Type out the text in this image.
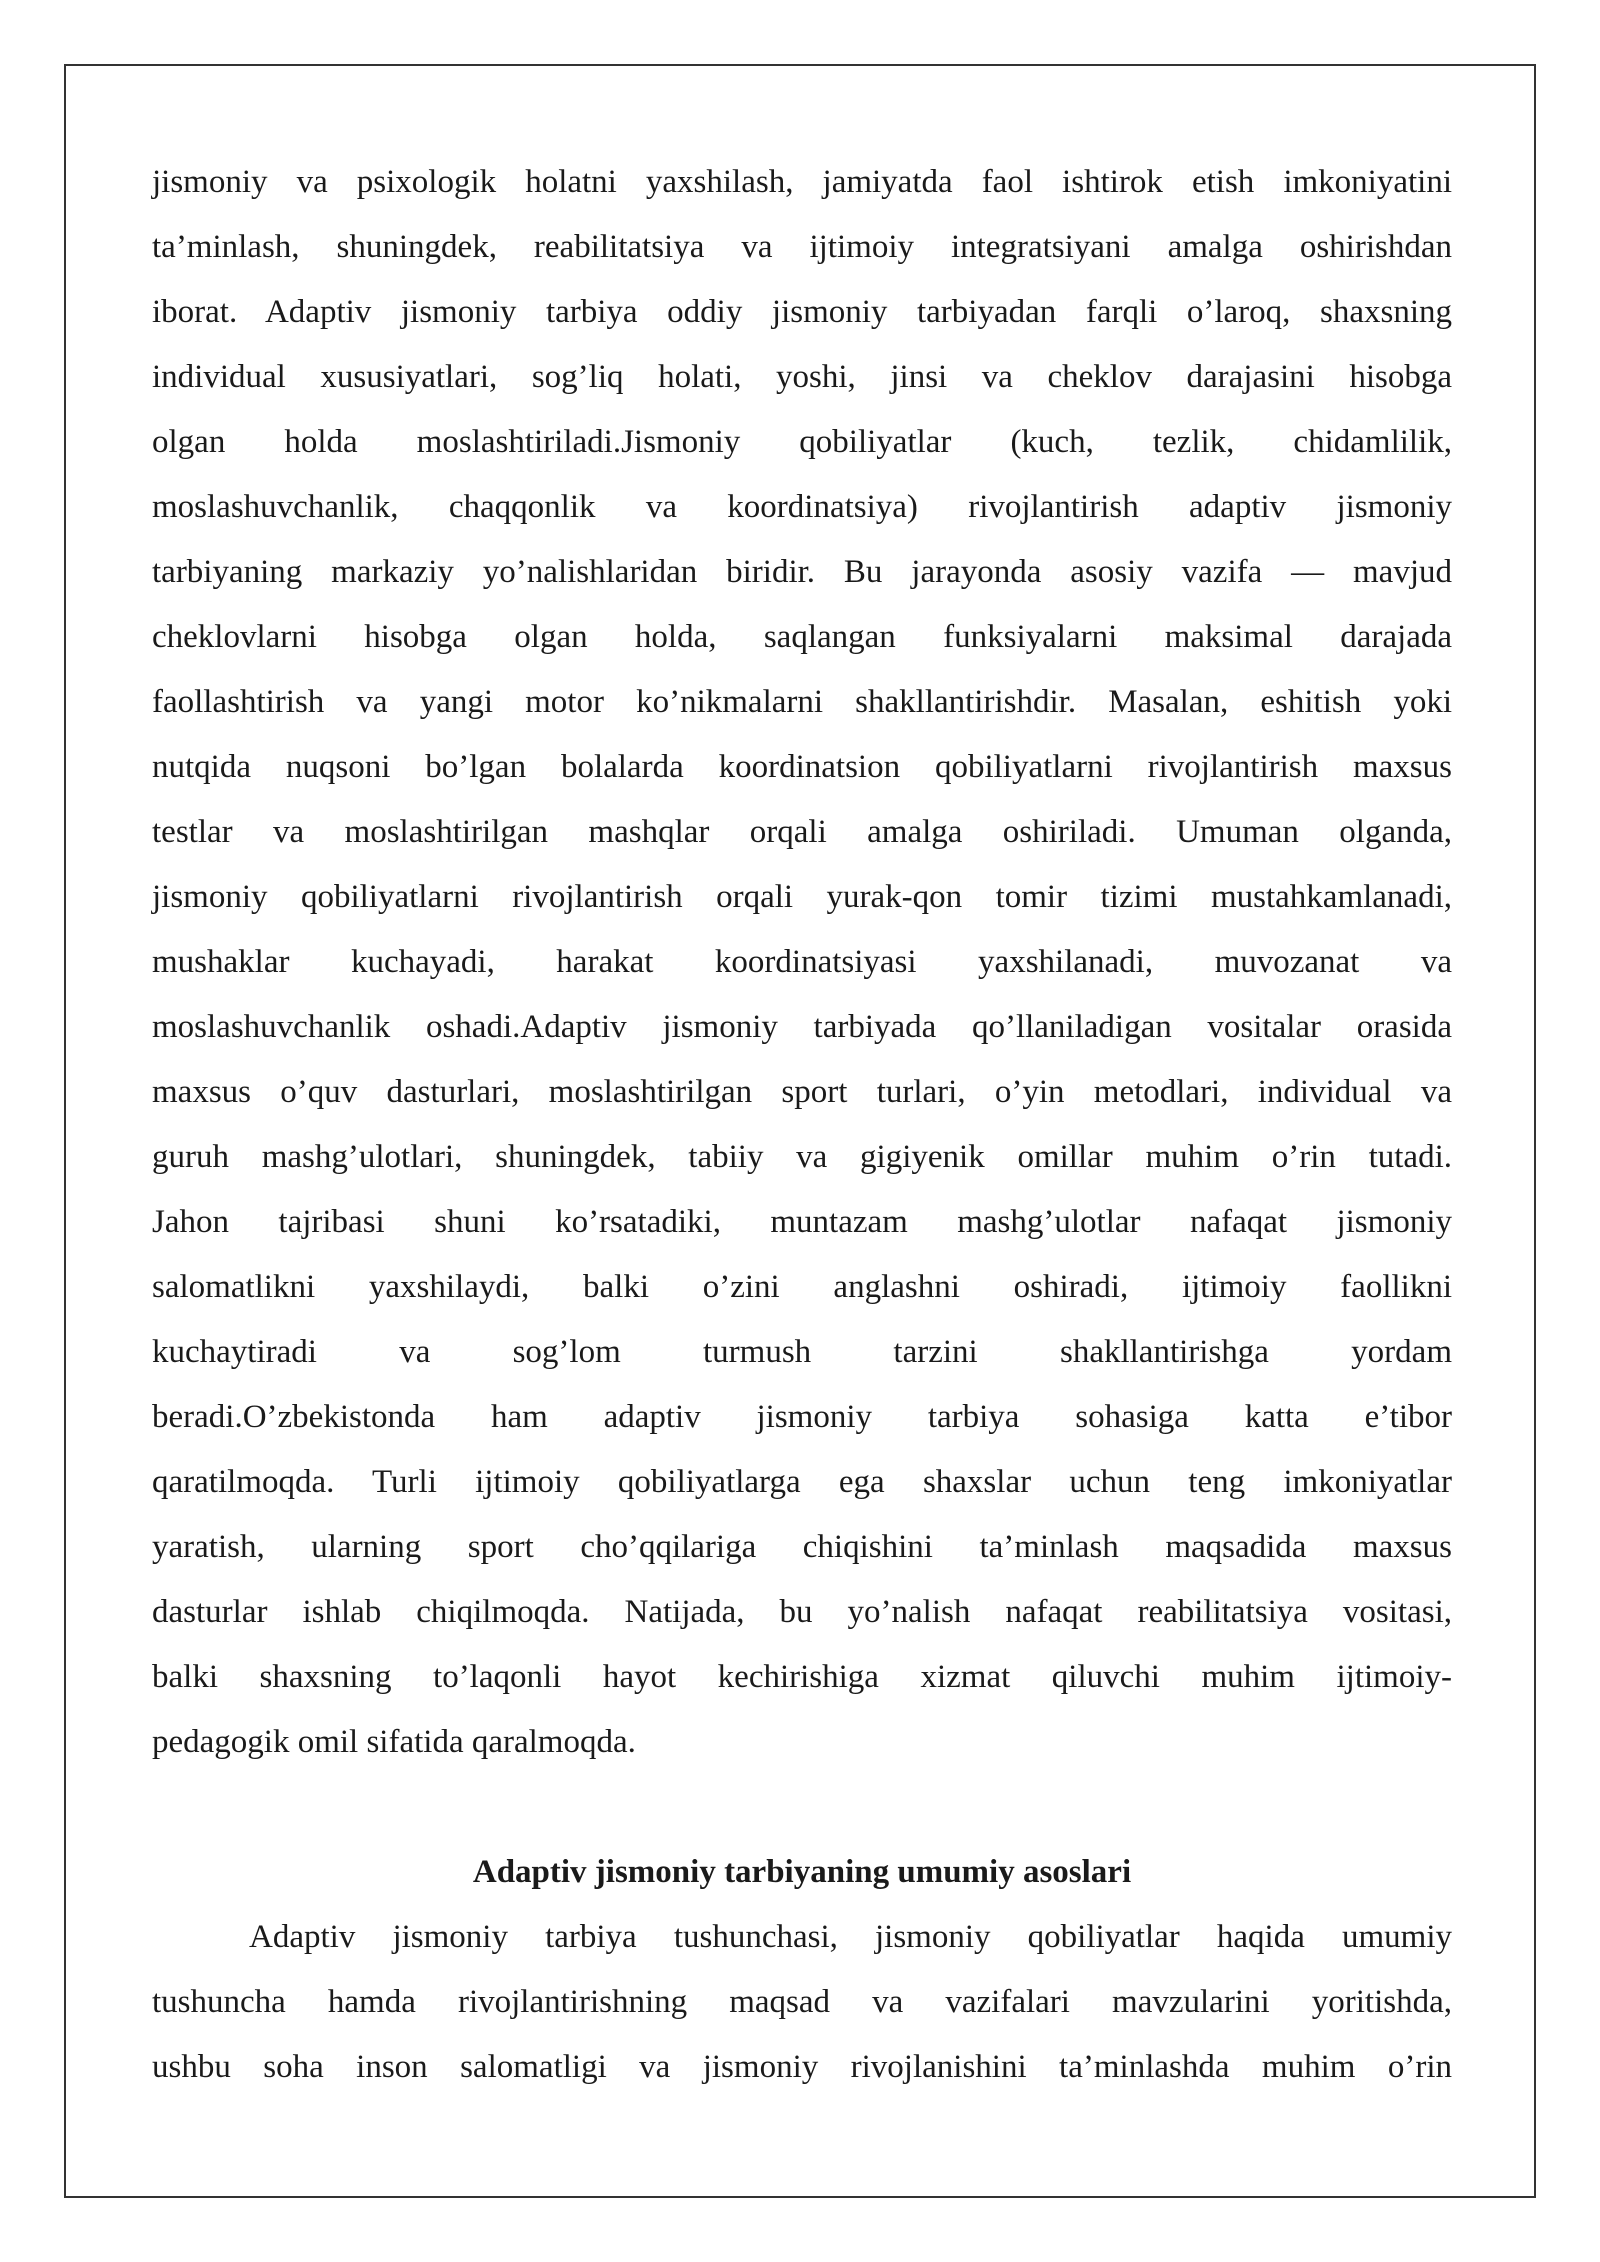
jismoniy va psixologik holatni yaxshilash, jamiyatda faol ishtirok etish imkoniyatini
ta’minlash, shuningdek, reabilitatsiya va ijtimoiy integratsiyani amalga oshirishdan
iborat. Adaptiv jismoniy tarbiya oddiy jismoniy tarbiyadan farqli o’laroq, shaxsning
individual xususiyatlari, sog’liq holati, yoshi, jinsi va cheklov darajasini hisobga
olgan holda moslashtiriladi.Jismoniy qobiliyatlar (kuch, tezlik, chidamlilik,
moslashuvchanlik, chaqqonlik va koordinatsiya) rivojlantirish adaptiv jismoniy
tarbiyaning markaziy yo’nalishlaridan biridir. Bu jarayonda asosiy vazifa — mavjud
cheklovlarni hisobga olgan holda, saqlangan funksiyalarni maksimal darajada
faollashtirish va yangi motor ko’nikmalarni shakllantirishdir. Masalan, eshitish yoki
nutqida nuqsoni bo’lgan bolalarda koordinatsion qobiliyatlarni rivojlantirish maxsus
testlar va moslashtirilgan mashqlar orqali amalga oshiriladi. Umuman olganda,
jismoniy qobiliyatlarni rivojlantirish orqali yurak-qon tomir tizimi mustahkamlanadi,
mushaklar kuchayadi, harakat koordinatsiyasi yaxshilanadi, muvozanat va
moslashuvchanlik oshadi.Adaptiv jismoniy tarbiyada qo’llaniladigan vositalar orasida
maxsus o’quv dasturlari, moslashtirilgan sport turlari, o’yin metodlari, individual va
guruh mashg’ulotlari, shuningdek, tabiiy va gigiyenik omillar muhim o’rin tutadi.
Jahon tajribasi shuni ko’rsatadiki, muntazam mashg’ulotlar nafaqat jismoniy
salomatlikni yaxshilaydi, balki o’zini anglashni oshiradi, ijtimoiy faollikni
kuchaytiradi va sog’lom turmush tarzini shakllantirishga yordam
beradi.O’zbekistonda ham adaptiv jismoniy tarbiya sohasiga katta e’tibor
qaratilmoqda. Turli ijtimoiy qobiliyatlarga ega shaxslar uchun teng imkoniyatlar
yaratish, ularning sport cho’qqilariga chiqishini ta’minlash maqsadida maxsus
dasturlar ishlab chiqilmoqda. Natijada, bu yo’nalish nafaqat reabilitatsiya vositasi,
balki shaxsning to’laqonli hayot kechirishiga xizmat qiluvchi muhim ijtimoiy-
pedagogik omil sifatida qaralmoqda.
Adaptiv jismoniy tarbiyaning umumiy asoslari
Adaptiv jismoniy tarbiya tushunchasi, jismoniy qobiliyatlar haqida umumiy
tushuncha hamda rivojlantirishning maqsad va vazifalari mavzularini yoritishda,
ushbu soha inson salomatligi va jismoniy rivojlanishini ta’minlashda muhim o’rin
